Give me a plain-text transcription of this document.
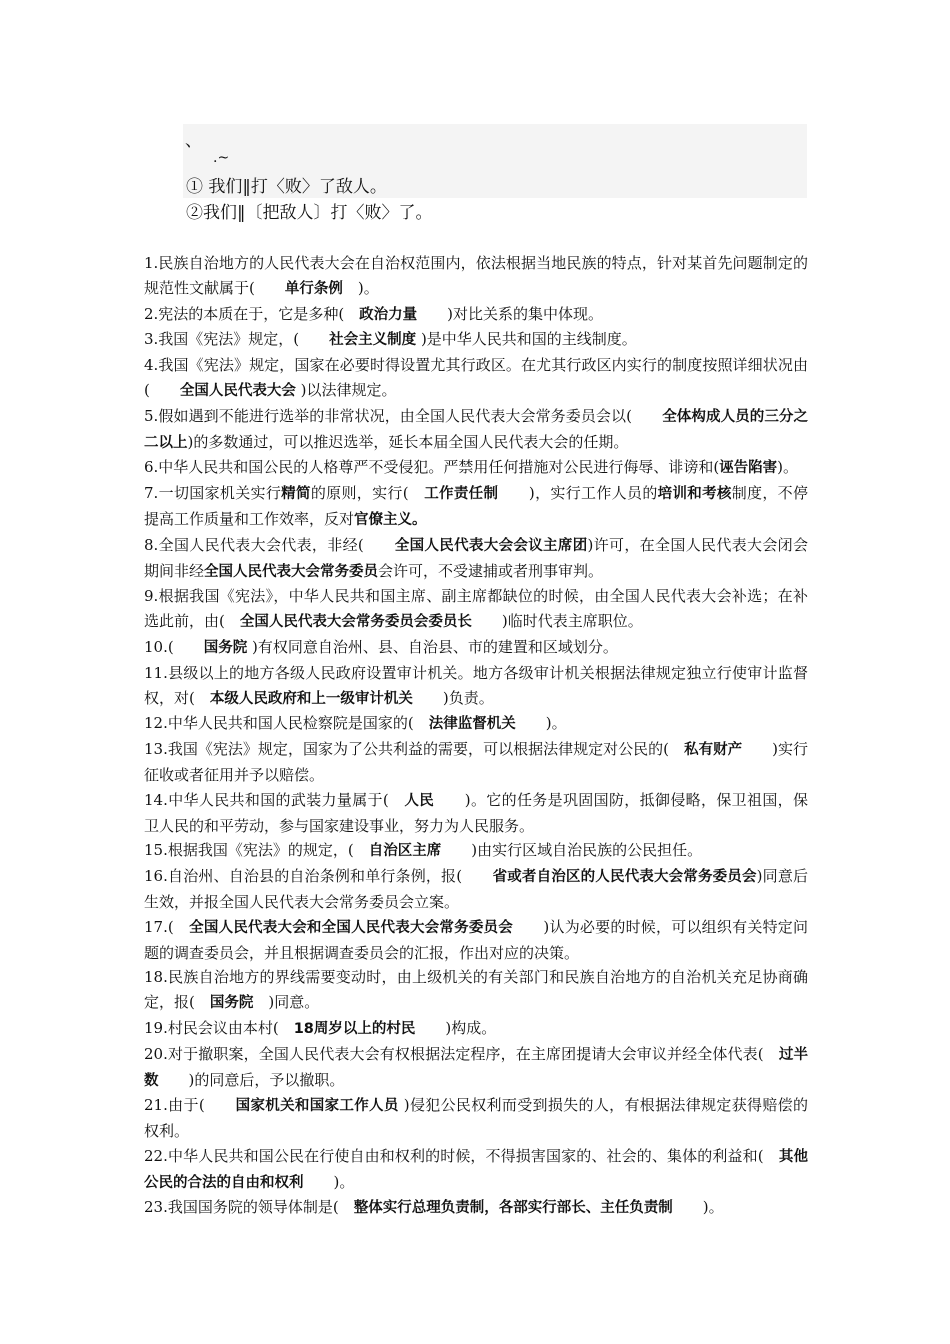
、
.~
① 我们‖打〈败〉了敌人。
②我们‖〔把敌人〕打〈败〉了。

1.民族自治地方的人民代表大会在自治权范围内，依法根据当地民族的特点，针对某首先问题制定的规范性文献属于(　　单行条例　)。

2.宪法的本质在于，它是多种(　政治力量　　)对比关系的集中体现。

3.我国《宪法》规定，(　　社会主义制度 )是中华人民共和国的主线制度。

4.我国《宪法》规定，国家在必要时得设置尤其行政区。在尤其行政区内实行的制度按照详细状况由(　　全国人民代表大会 )以法律规定。

5.假如遇到不能进行选举的非常状况，由全国人民代表大会常务委员会以(　　全体构成人员的三分之二以上)的多数通过，可以推迟选举，延长本届全国人民代表大会的任期。

6.中华人民共和国公民的人格尊严不受侵犯。严禁用任何措施对公民进行侮辱、诽谤和(诬告陷害)。

7.一切国家机关实行精简的原则，实行(　工作责任制　　)，实行工作人员的培训和考核制度，不停提高工作质量和工作效率，反对官僚主义。

8.全国人民代表大会代表，非经(　　全国人民代表大会会议主席团)许可，在全国人民代表大会闭会期间非经全国人民代表大会常务委员会许可，不受逮捕或者刑事审判。

9.根据我国《宪法》，中华人民共和国主席、副主席都缺位的时候，由全国人民代表大会补选；在补选此前，由(　全国人民代表大会常务委员会委员长　　)临时代表主席职位。

10.(　　国务院 )有权同意自治州、县、自治县、市的建置和区域划分。

11.县级以上的地方各级人民政府设置审计机关。地方各级审计机关根据法律规定独立行使审计监督权，对(　本级人民政府和上一级审计机关　　)负责。

12.中华人民共和国人民检察院是国家的(　法律监督机关　　)。

13.我国《宪法》规定，国家为了公共利益的需要，可以根据法律规定对公民的(　私有财产　　)实行征收或者征用并予以赔偿。

14.中华人民共和国的武装力量属于(　人民　　)。它的任务是巩固国防，抵御侵略，保卫祖国，保卫人民的和平劳动，参与国家建设事业，努力为人民服务。

15.根据我国《宪法》的规定，(　自治区主席　　)由实行区域自治民族的公民担任。

16.自治州、自治县的自治条例和单行条例，报(　　省或者自治区的人民代表大会常务委员会)同意后生效，并报全国人民代表大会常务委员会立案。

17.(　全国人民代表大会和全国人民代表大会常务委员会　　)认为必要的时候，可以组织有关特定问题的调查委员会，并且根据调查委员会的汇报，作出对应的决策。

18.民族自治地方的界线需要变动时，由上级机关的有关部门和民族自治地方的自治机关充足协商确定，报(　国务院　)同意。

19.村民会议由本村(　18周岁以上的村民　　)构成。

20.对于撤职案，全国人民代表大会有权根据法定程序，在主席团提请大会审议并经全体代表(　过半数　　)的同意后，予以撤职。

21.由于(　　国家机关和国家工作人员 )侵犯公民权利而受到损失的人，有根据法律规定获得赔偿的权利。

22.中华人民共和国公民在行使自由和权利的时候，不得损害国家的、社会的、集体的利益和(　其他公民的合法的自由和权利　　)。

23.我国国务院的领导体制是(　整体实行总理负责制，各部实行部长、主任负责制　　)。
